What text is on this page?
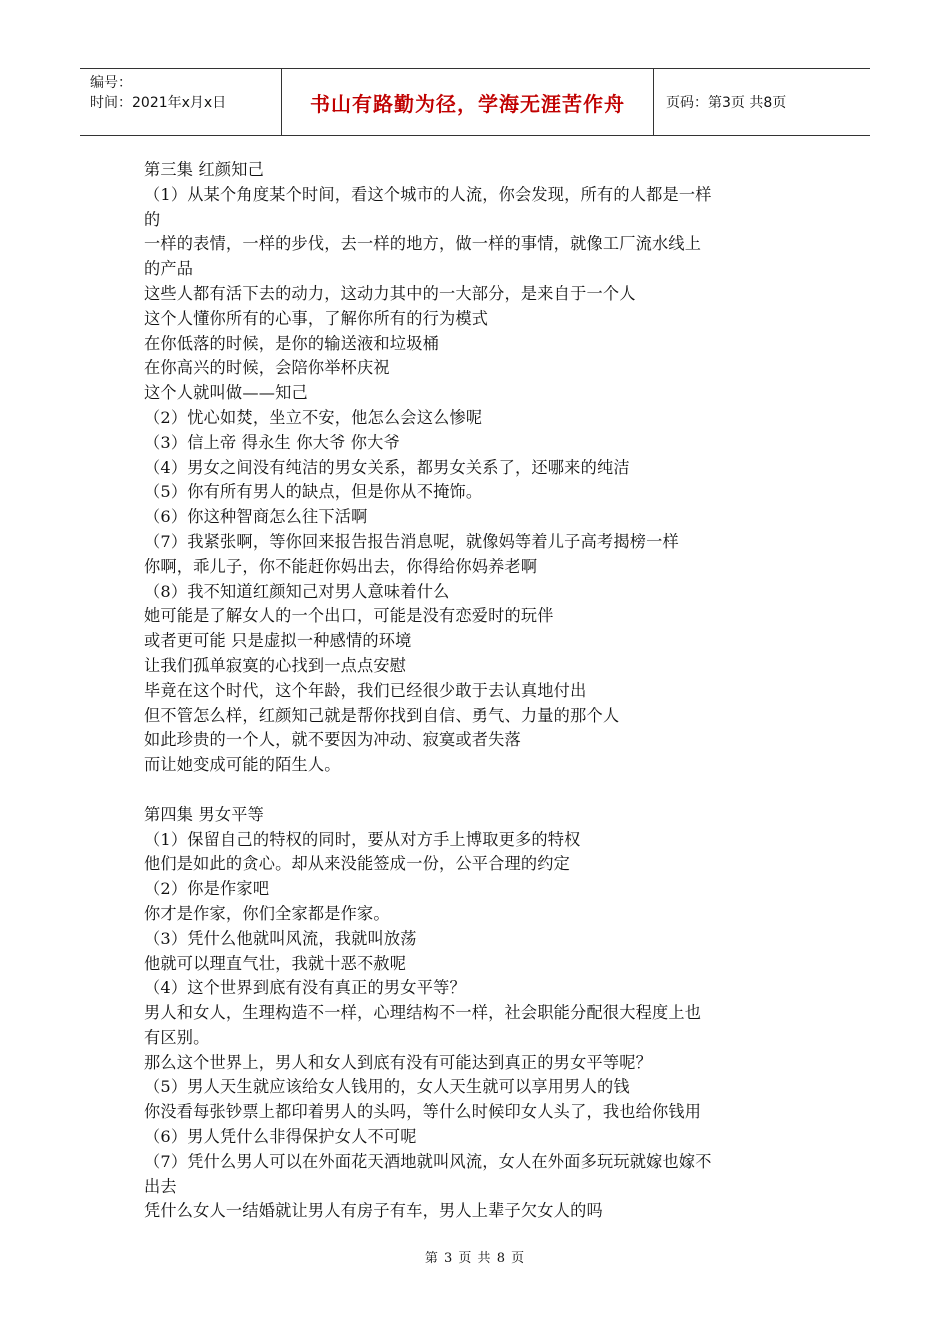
编号：
时间：2021年x月x日	书山有路勤为径，学海无涯苦作舟	页码：第3页 共8页
第三集 红颜知己
（1）从某个角度某个时间，看这个城市的人流，你会发现，所有的人都是一样
的
一样的表情，一样的步伐，去一样的地方，做一样的事情，就像工厂流水线上
的产品
这些人都有活下去的动力，这动力其中的一大部分，是来自于一个人
这个人懂你所有的心事，了解你所有的行为模式
在你低落的时候，是你的输送液和垃圾桶
在你高兴的时候，会陪你举杯庆祝
这个人就叫做——知己
（2）忧心如焚，坐立不安，他怎么会这么惨呢
（3）信上帝 得永生 你大爷 你大爷
（4）男女之间没有纯洁的男女关系，都男女关系了，还哪来的纯洁
（5）你有所有男人的缺点，但是你从不掩饰。
（6）你这种智商怎么往下活啊
（7）我紧张啊，等你回来报告报告消息呢，就像妈等着儿子高考揭榜一样
你啊，乖儿子，你不能赶你妈出去，你得给你妈养老啊
（8）我不知道红颜知己对男人意味着什么
她可能是了解女人的一个出口，可能是没有恋爱时的玩伴
或者更可能 只是虚拟一种感情的环境
让我们孤单寂寞的心找到一点点安慰
毕竟在这个时代，这个年龄，我们已经很少敢于去认真地付出
但不管怎么样，红颜知己就是帮你找到自信、勇气、力量的那个人
如此珍贵的一个人，就不要因为冲动、寂寞或者失落
而让她变成可能的陌生人。
第四集 男女平等
（1）保留自己的特权的同时，要从对方手上博取更多的特权
他们是如此的贪心。却从来没能签成一份，公平合理的约定
（2）你是作家吧
你才是作家，你们全家都是作家。
（3）凭什么他就叫风流，我就叫放荡
他就可以理直气壮，我就十恶不赦呢
（4）这个世界到底有没有真正的男女平等？
男人和女人，生理构造不一样，心理结构不一样，社会职能分配很大程度上也
有区别。
那么这个世界上，男人和女人到底有没有可能达到真正的男女平等呢？
（5）男人天生就应该给女人钱用的，女人天生就可以享用男人的钱
你没看每张钞票上都印着男人的头吗，等什么时候印女人头了，我也给你钱用
（6）男人凭什么非得保护女人不可呢
（7）凭什么男人可以在外面花天酒地就叫风流，女人在外面多玩玩就嫁也嫁不
出去
凭什么女人一结婚就让男人有房子有车，男人上辈子欠女人的吗
第 3 页 共 8 页
